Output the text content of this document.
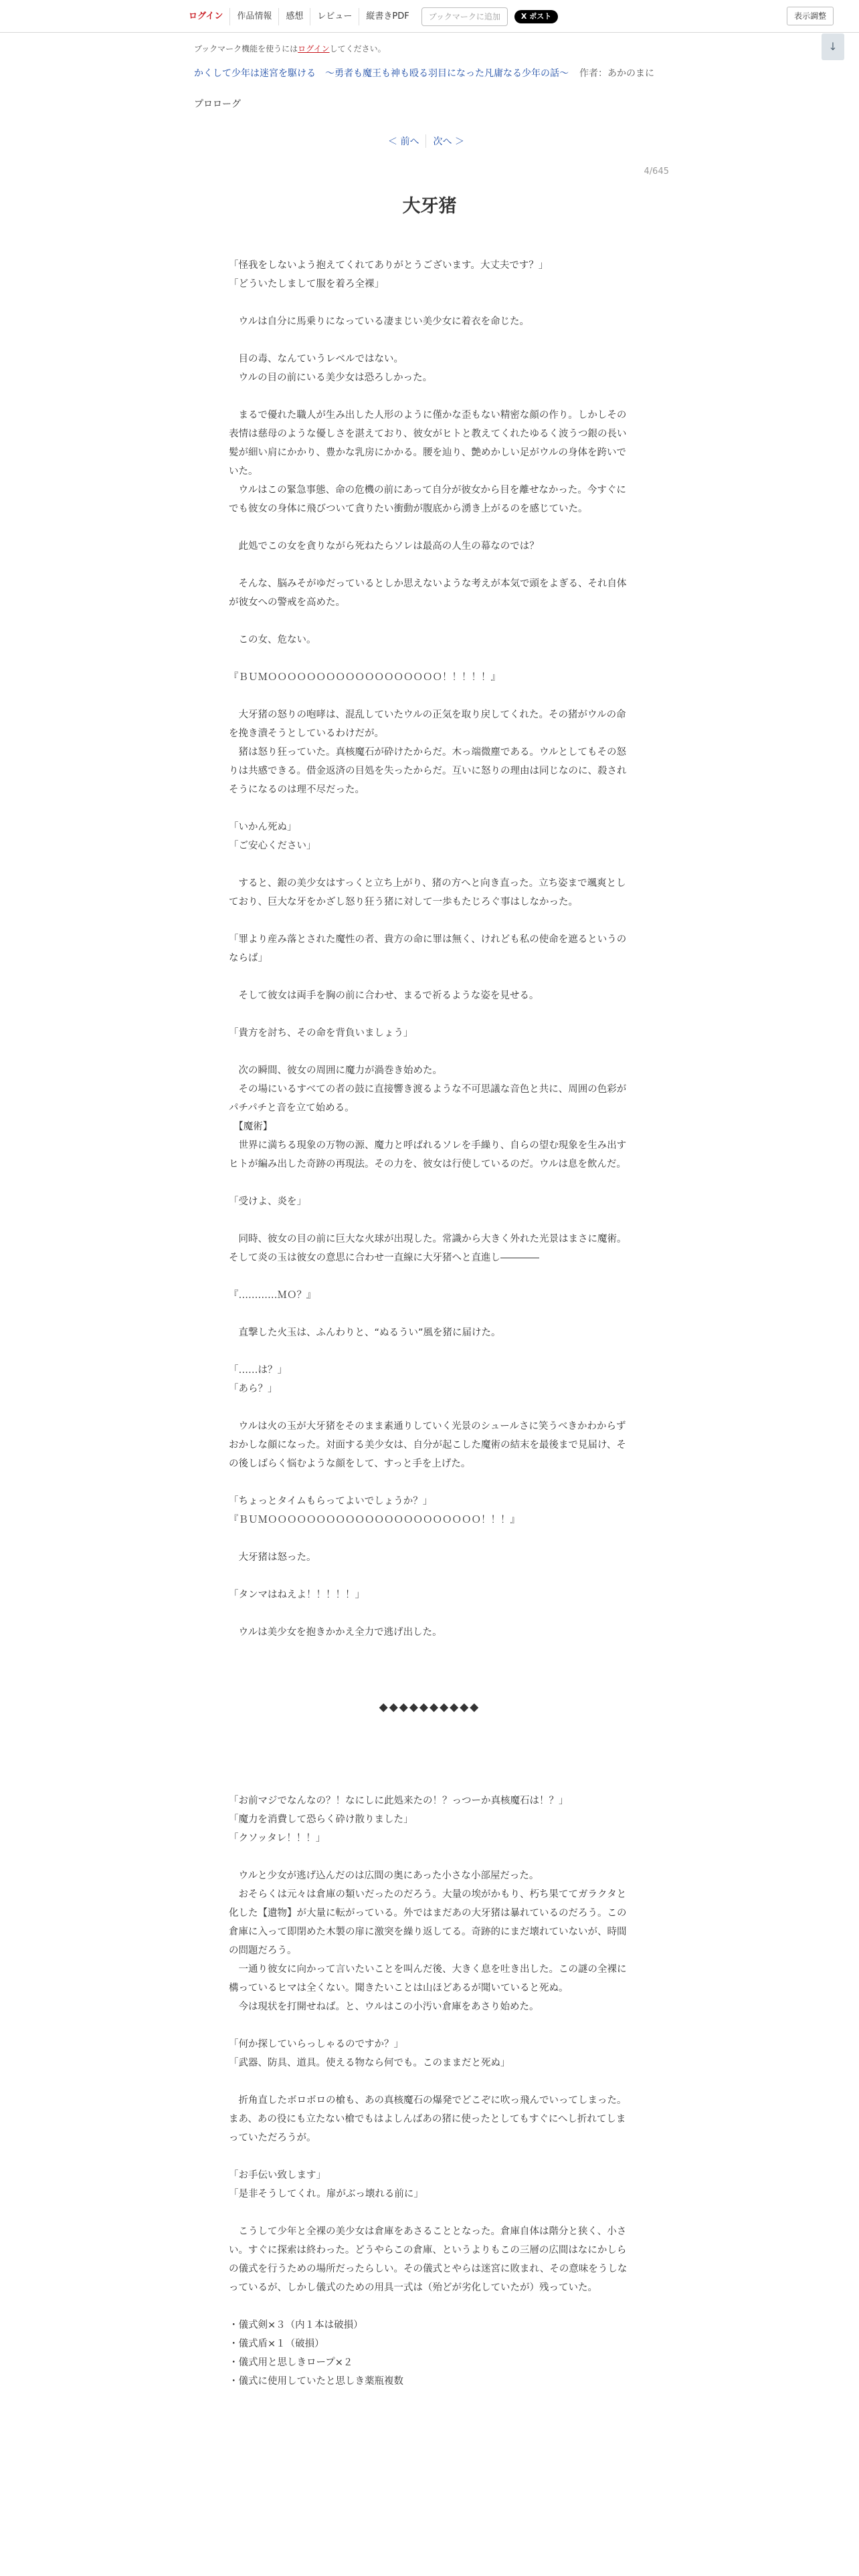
ログイン	作品情報	感想	レビュー	縦書きPDF	ブックマークに追加	X ポスト	表示調整
↓
ブックマーク機能を使うにはログインしてください。
かくして少年は迷宮を駆ける　〜勇者も魔王も神も殴る羽目になった凡庸なる少年の話〜 作者：あかのまに
プロローグ
＜ 前へ	次へ ＞
4/645
大牙猪

「怪我をしないよう抱えてくれてありがとうございます。大丈夫です？」

「どういたしまして服を着ろ全裸」

　ウルは自分に馬乗りになっている凄まじい美少女に着衣を命じた。

　目の毒、なんていうレベルではない。

　ウルの目の前にいる美少女は恐ろしかった。

　まるで優れた職人が生み出した人形のように僅かな歪もない精密な顔の作り。しかしその表情は慈母のような優しさを湛えており、彼女がヒトと教えてくれたゆるく波うつ銀の長い髪が細い肩にかかり、豊かな乳房にかかる。腰を辿り、艶めかしい足がウルの身体を跨いでいた。

　ウルはこの緊急事態、命の危機の前にあって自分が彼女から目を離せなかった。今すぐにでも彼女の身体に飛びついて貪りたい衝動が腹底から湧き上がるのを感じていた。

　此処でこの女を貪りながら死ねたらソレは最高の人生の幕なのでは？

　そんな、脳みそがゆだっているとしか思えないような考えが本気で頭をよぎる、それ自体が彼女への警戒を高めた。

　この女、危ない。

『ＢＵＭＯＯＯＯＯＯＯＯＯＯＯＯＯＯＯＯＯＯ！！！！！』

　大牙猪の怒りの咆哮は、混乱していたウルの正気を取り戻してくれた。その猪がウルの命を挽き潰そうとしているわけだが。

　猪は怒り狂っていた。真核魔石が砕けたからだ。木っ端微塵である。ウルとしてもその怒りは共感できる。借金返済の目処を失ったからだ。互いに怒りの理由は同じなのに、殺されそうになるのは理不尽だった。

「いかん死ぬ」

「ご安心ください」

　すると、銀の美少女はすっくと立ち上がり、猪の方へと向き直った。立ち姿まで颯爽としており、巨大な牙をかざし怒り狂う猪に対して一歩もたじろぐ事はしなかった。

「罪より産み落とされた魔性の者、貴方の命に罪は無く、けれども私の使命を遮るというのならば」

　そして彼女は両手を胸の前に合わせ、まるで祈るような姿を見せる。

「貴方を討ち、その命を背負いましょう」

　次の瞬間、彼女の周囲に魔力が渦巻き始めた。

　その場にいるすべての者の鼓に直接響き渡るような不可思議な音色と共に、周囲の色彩がパチパチと音を立て始める。

　【魔術】

　世界に満ちる現象の万物の源、魔力と呼ばれるソレを手繰り、自らの望む現象を生み出すヒトが編み出した奇跡の再現法。その力を、彼女は行使しているのだ。ウルは息を飲んだ。

「受けよ、炎を」

　同時、彼女の目の前に巨大な火球が出現した。常識から大きく外れた光景はまさに魔術。そして炎の玉は彼女の意思に合わせ一直線に大牙猪へと直進し――――

『…………ＭＯ？』

　直撃した火玉は、ふんわりと、“ぬるうい”風を猪に届けた。

「……は？」

「あら？」

　ウルは火の玉が大牙猪をそのまま素通りしていく光景のシュールさに笑うべきかわからずおかしな顔になった。対面する美少女は、自分が起こした魔術の結末を最後まで見届け、その後しばらく悩むような顔をして、すっと手を上げた。

「ちょっとタイムもらってよいでしょうか？」

『ＢＵＭＯＯＯＯＯＯＯＯＯＯＯＯＯＯＯＯＯＯＯＯＯＯ！！！』

　大牙猪は怒った。

「タンマはねえよ！！！！！」

　ウルは美少女を抱きかかえ全力で逃げ出した。

◆◆◆◆◆◆◆◆◆◆

「お前マジでなんなの？！なにしに此処来たの！？っつーか真核魔石は！？」

「魔力を消費して恐らく砕け散りました」

「クソッタレ！！！」

　ウルと少女が逃げ込んだのは広間の奥にあった小さな小部屋だった。

　おそらくは元々は倉庫の類いだったのだろう。大量の埃がかもり、朽ち果ててガラクタと化した【遺物】が大量に転がっている。外ではまだあの大牙猪は暴れているのだろう。この倉庫に入って即閉めた木製の扉に激突を繰り返してる。奇跡的にまだ壊れていないが、時間の問題だろう。

　一通り彼女に向かって言いたいことを叫んだ後、大きく息を吐き出した。この謎の全裸に構っているヒマは全くない。聞きたいことは山ほどあるが聞いていると死ぬ。

　今は現状を打開せねば。と、ウルはこの小汚い倉庫をあさり始めた。

「何か探していらっしゃるのですか？」

「武器、防具、道具。使える物なら何でも。このままだと死ぬ」

　折角直したボロボロの槍も、あの真核魔石の爆発でどこぞに吹っ飛んでいってしまった。まあ、あの役にも立たない槍でもはよしんばあの猪に使ったとしてもすぐにへし折れてしまっていただろうが。

「お手伝い致します」

「是非そうしてくれ。扉がぶっ壊れる前に」

　こうして少年と全裸の美少女は倉庫をあさることとなった。倉庫自体は階分と狭く、小さい。すぐに探索は終わった。どうやらこの倉庫、というよりもこの三層の広間はなにかしらの儀式を行うための場所だったらしい。その儀式とやらは迷宮に敗まれ、その意味をうしなっているが、しかし儀式のための用具一式は（殆どが劣化していたが）残っていた。

・儀式剣×３（内１本は破損）

・儀式盾×１（破損）

・儀式用と思しきロープ×２

・儀式に使用していたと思しき薬瓶複数
